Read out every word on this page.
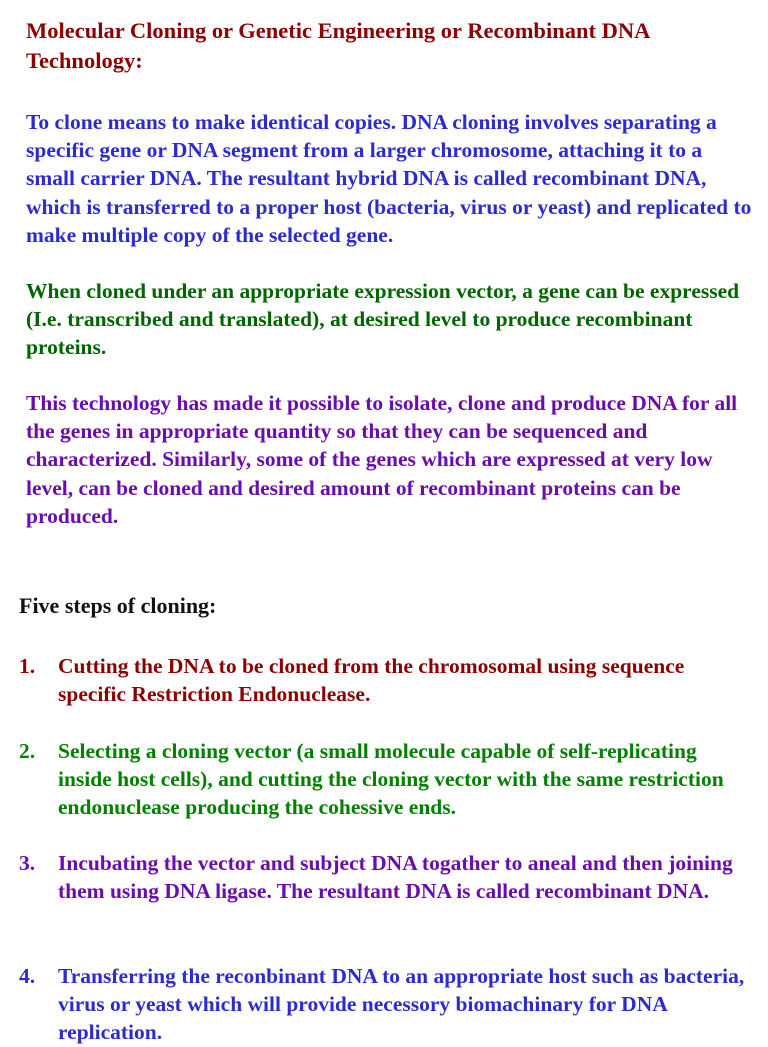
Molecular Cloning or Genetic Engineering or Recombinant DNA Technology:

To clone means to make identical copies. DNA cloning involves separating a specific gene or DNA segment from a larger chromosome, attaching it to a small carrier DNA. The resultant hybrid DNA is called recombinant DNA, which is transferred to a proper host (bacteria, virus or yeast) and replicated to make multiple copy of the selected gene.

When cloned under an appropriate expression vector, a gene can be expressed (I.e. transcribed and translated), at desired level to produce recombinant proteins.

This technology has made it possible to isolate, clone and produce DNA for all the genes in appropriate quantity so that they can be sequenced and characterized. Similarly, some of the genes which are expressed at very low level, can be cloned and desired amount of recombinant proteins can be produced.

Five steps of cloning:
1.	Cutting the DNA to be cloned from the chromosomal using sequence specific Restriction Endonuclease.
2.	Selecting a cloning vector (a small molecule capable of self-replicating inside host cells), and cutting the cloning vector with the same restriction endonuclease producing the cohessive ends.
3.	Incubating the vector and subject DNA togather to aneal and then joining them using DNA ligase. The resultant DNA is called recombinant DNA.
4.	Transferring the reconbinant DNA to an appropriate host such as bacteria, virus or yeast which will provide necessory biomachinary for DNA replication.
